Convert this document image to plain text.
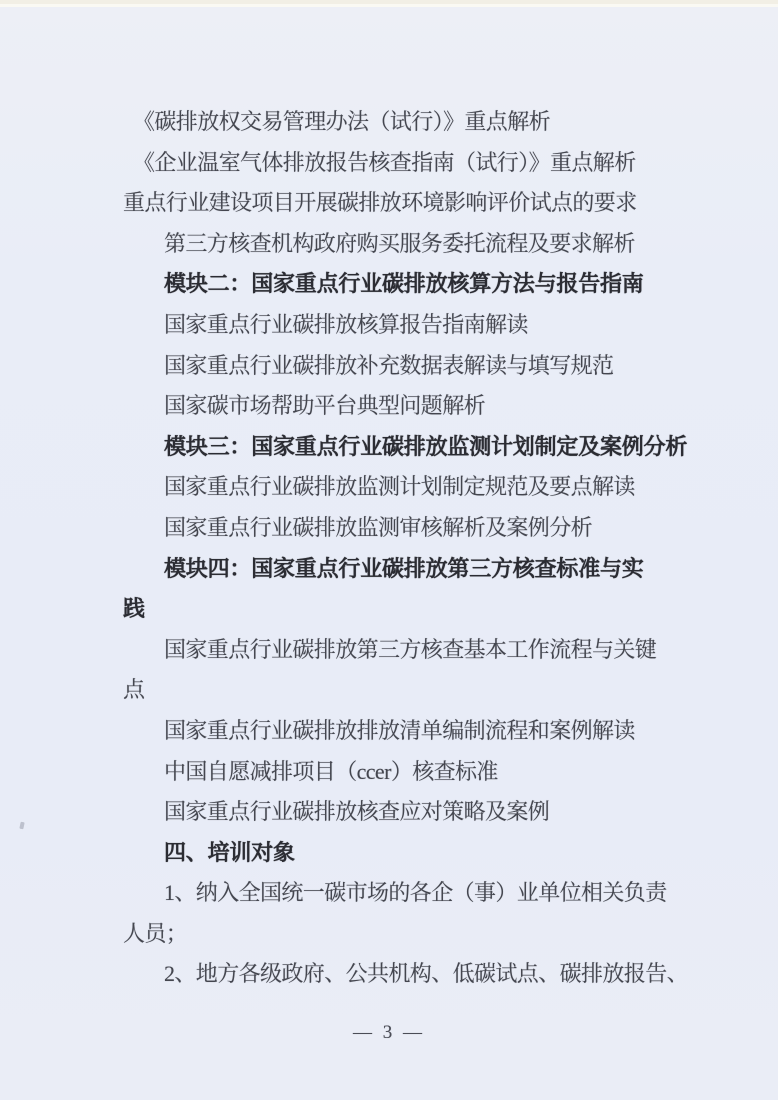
《碳排放权交易管理办法（试行）》重点解析
《企业温室气体排放报告核查指南（试行）》重点解析
重点行业建设项目开展碳排放环境影响评价试点的要求
第三方核查机构政府购买服务委托流程及要求解析
模块二：国家重点行业碳排放核算方法与报告指南
国家重点行业碳排放核算报告指南解读
国家重点行业碳排放补充数据表解读与填写规范
国家碳市场帮助平台典型问题解析
模块三：国家重点行业碳排放监测计划制定及案例分析
国家重点行业碳排放监测计划制定规范及要点解读
国家重点行业碳排放监测审核解析及案例分析
模块四：国家重点行业碳排放第三方核查标准与实
践
国家重点行业碳排放第三方核查基本工作流程与关键
点
国家重点行业碳排放排放清单编制流程和案例解读
中国自愿减排项目（ccer）核查标准
国家重点行业碳排放核查应对策略及案例
四、培训对象
1、纳入全国统一碳市场的各企（事）业单位相关负责
人员；
2、地方各级政府、公共机构、低碳试点、碳排放报告、
— 3 —
